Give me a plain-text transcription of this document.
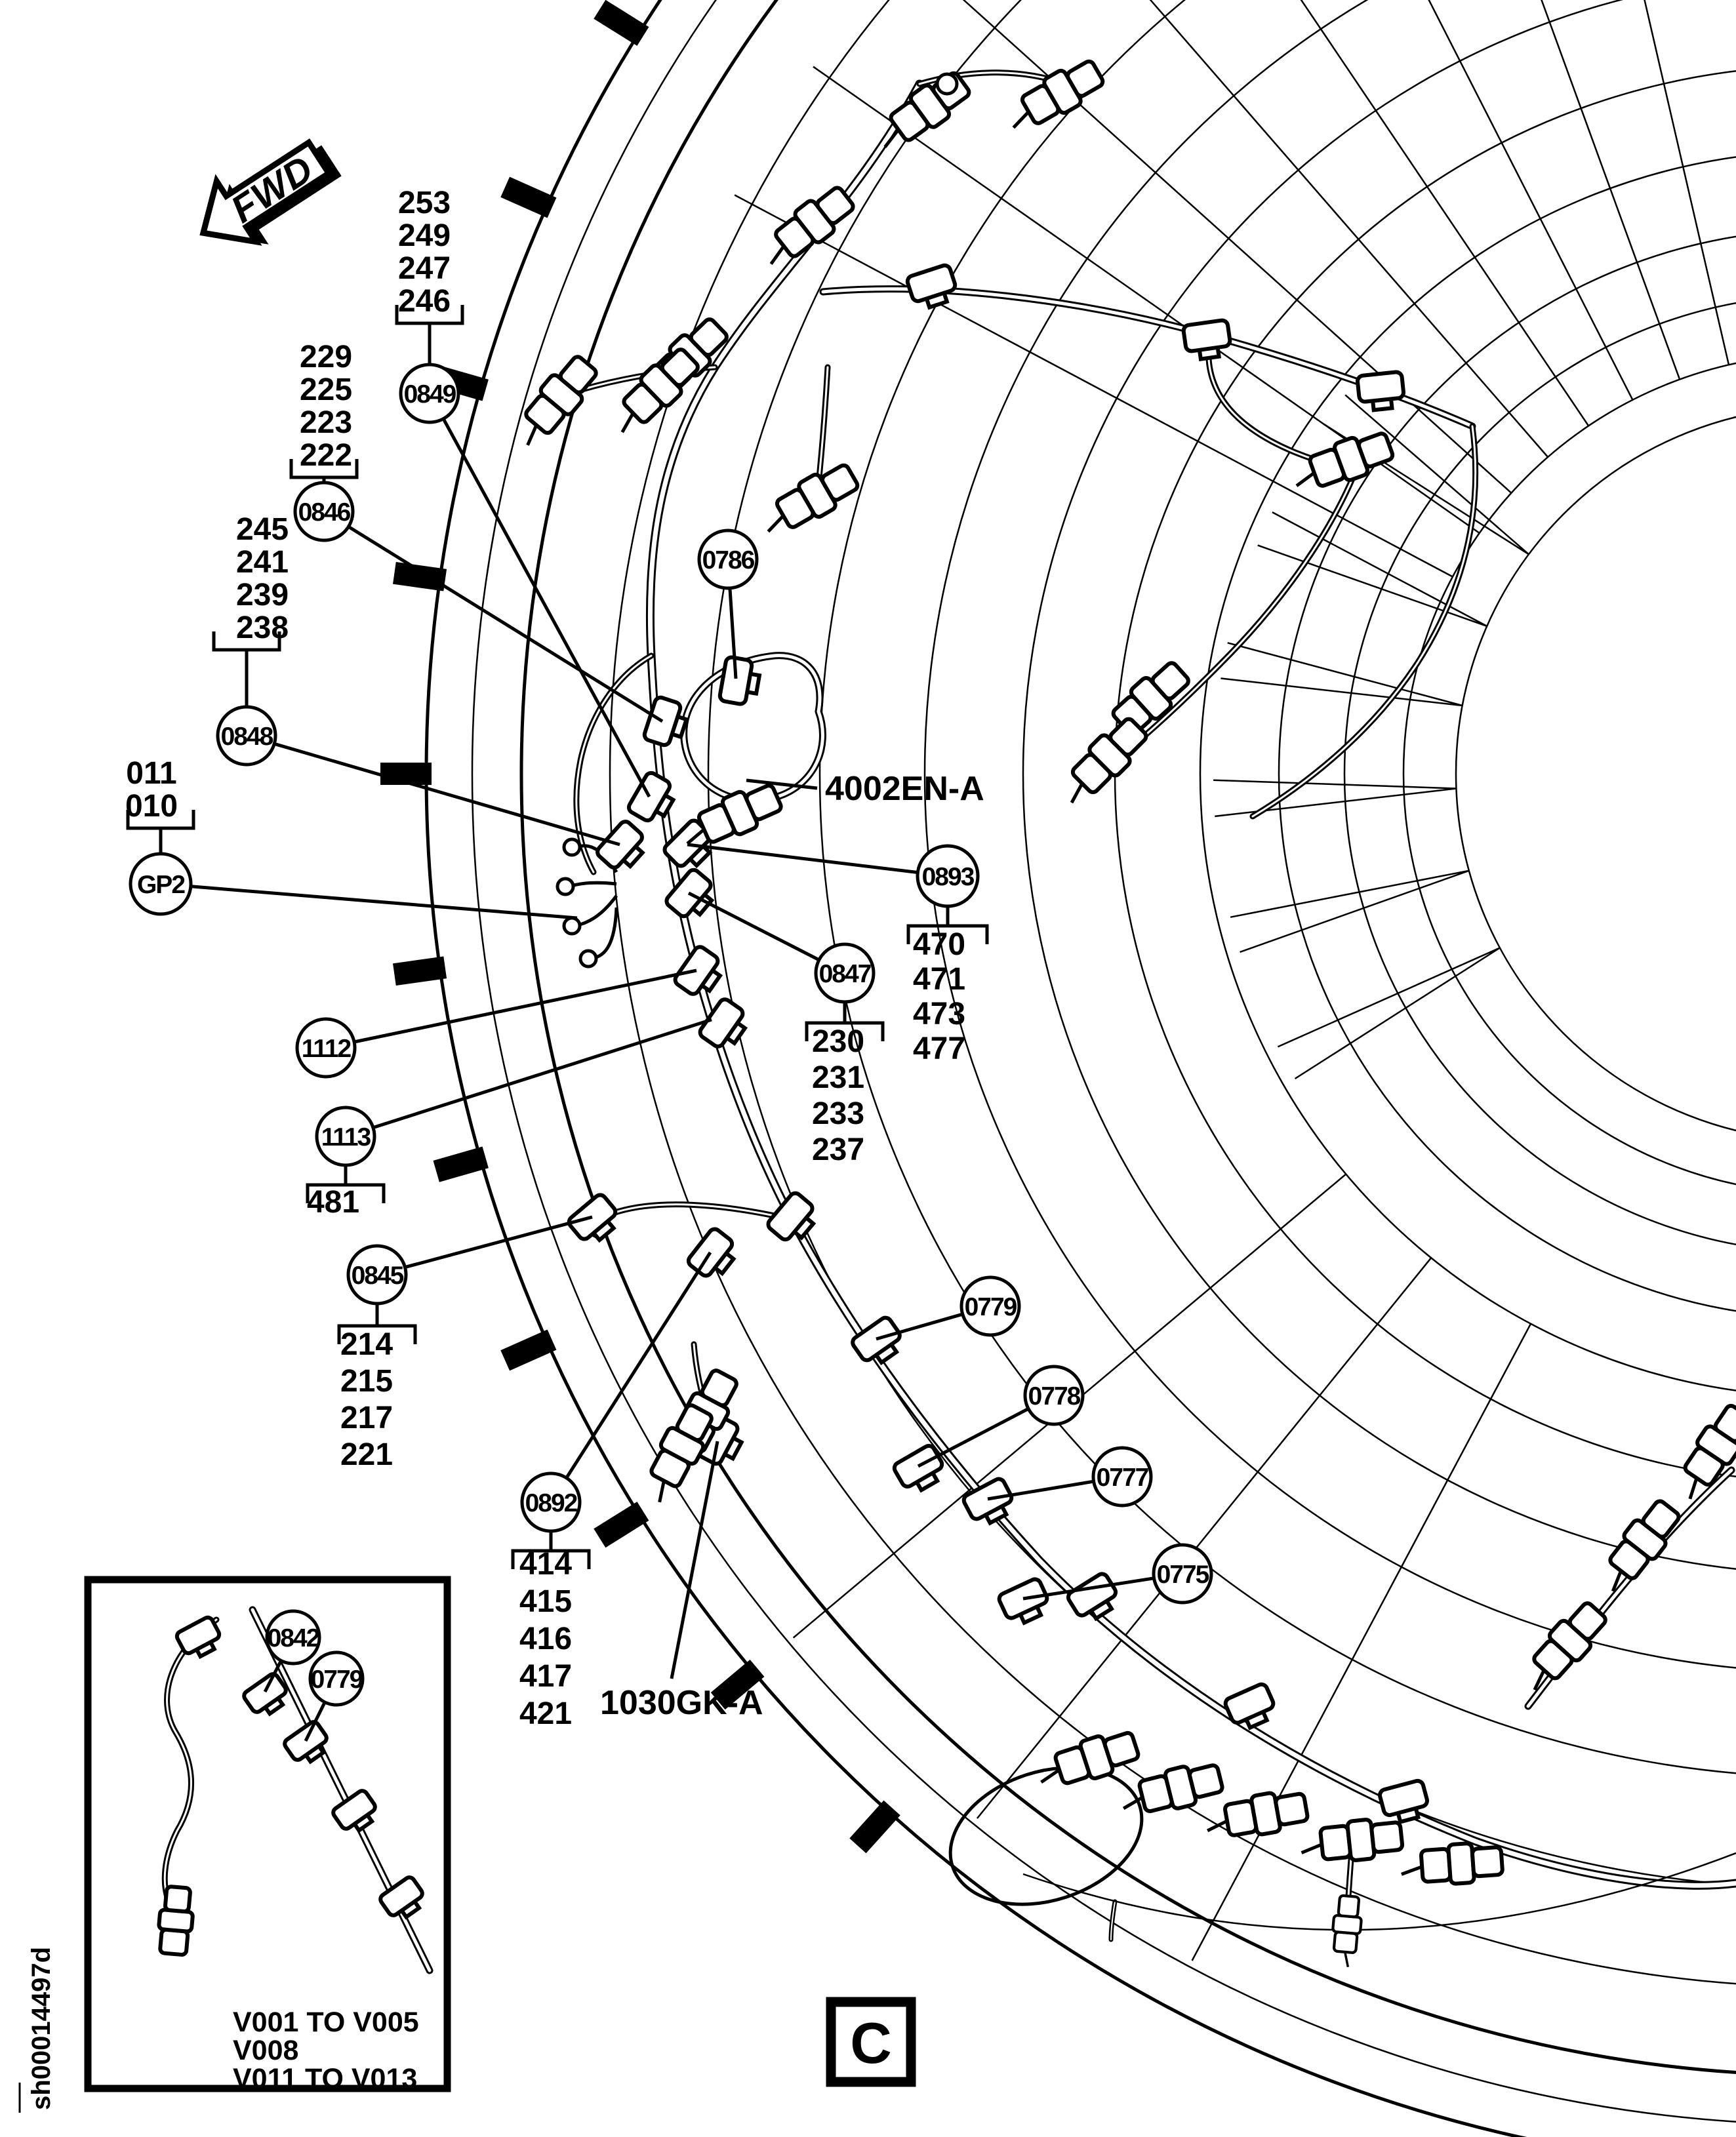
V001 TO V005
V008
V011 TO V013
FWD
4002EN-A
1030GK-A
0849
253
249
247
246
0846
229
225
223
222
0848
245
241
239
238
GP2
011
010
0786
0893
470
471
473
477
0847
230
231
233
237
1112
1113
481
0845
214
215
217
221
0892
414
415
416
417
421
0779
0778
0777
0775
0842
0779
C
sh00014497d
